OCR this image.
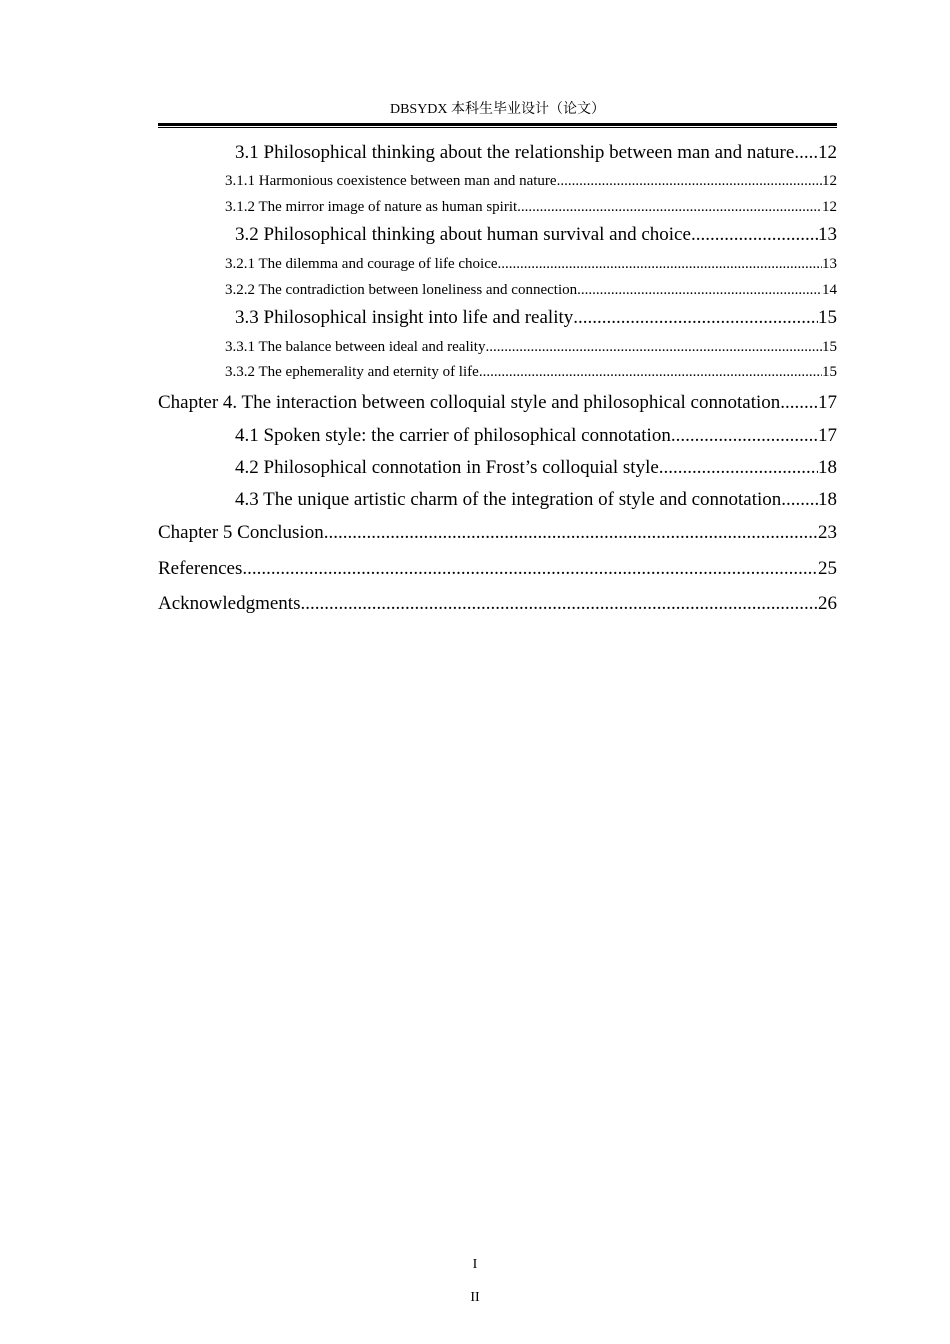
DBSYDX 本科生毕业设计（论文）
3.1 Philosophical thinking about the relationship between man and nature ..... 12
3.1.1 Harmonious coexistence between man and nature .....	12
3.1.2 The mirror image of nature as human spirit .....	12
3.2 Philosophical thinking about human survival and choice .....	13
3.2.1 The dilemma and courage of life choice .....	13
3.2.2 The contradiction between loneliness and connection .....	14
3.3 Philosophical insight into life and reality .....	15
3.3.1 The balance between ideal and reality .....	15
3.3.2 The ephemerality and eternity of life .....	15
Chapter 4. The interaction between colloquial style and philosophical connotation ..... 17
4.1 Spoken style: the carrier of philosophical connotation .....	17
4.2 Philosophical connotation in Frost’s colloquial style .....	18
4.3 The unique artistic charm of the integration of style and connotation ..... 18
Chapter 5 Conclusion .....	23
References .....	25
Acknowledgments .....	26
I
II
